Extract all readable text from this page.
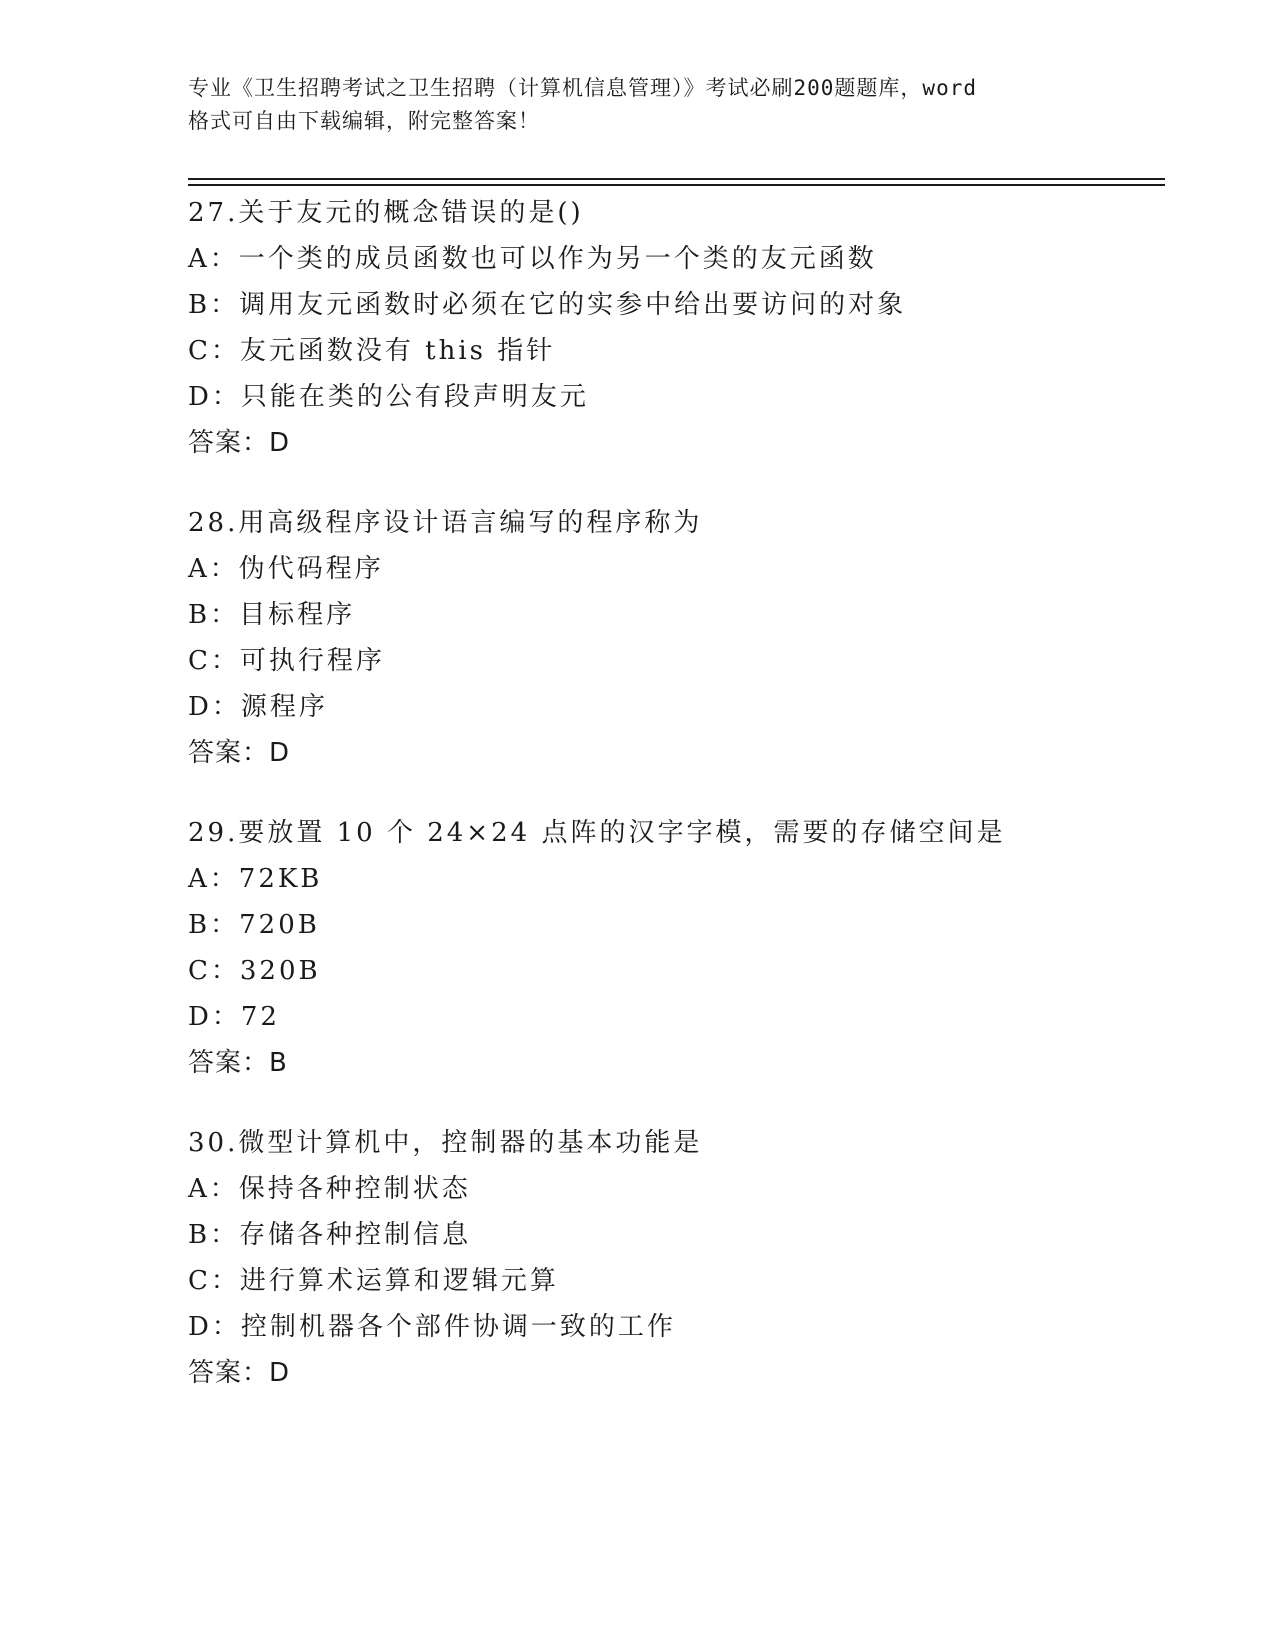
专业《卫生招聘考试之卫生招聘（计算机信息管理）》考试必刷200题题库，word
格式可自由下载编辑，附完整答案！
27.关于友元的概念错误的是()
A：一个类的成员函数也可以作为另一个类的友元函数
B：调用友元函数时必须在它的实参中给出要访问的对象
C：友元函数没有 this 指针
D：只能在类的公有段声明友元
答案：D
28.用高级程序设计语言编写的程序称为
A：伪代码程序
B：目标程序
C：可执行程序
D：源程序
答案：D
29.要放置 10 个 24×24 点阵的汉字字模，需要的存储空间是
A：72KB
B：720B
C：320B
D：72
答案：B
30.微型计算机中，控制器的基本功能是
A：保持各种控制状态
B：存储各种控制信息
C：进行算术运算和逻辑元算
D：控制机器各个部件协调一致的工作
答案：D
